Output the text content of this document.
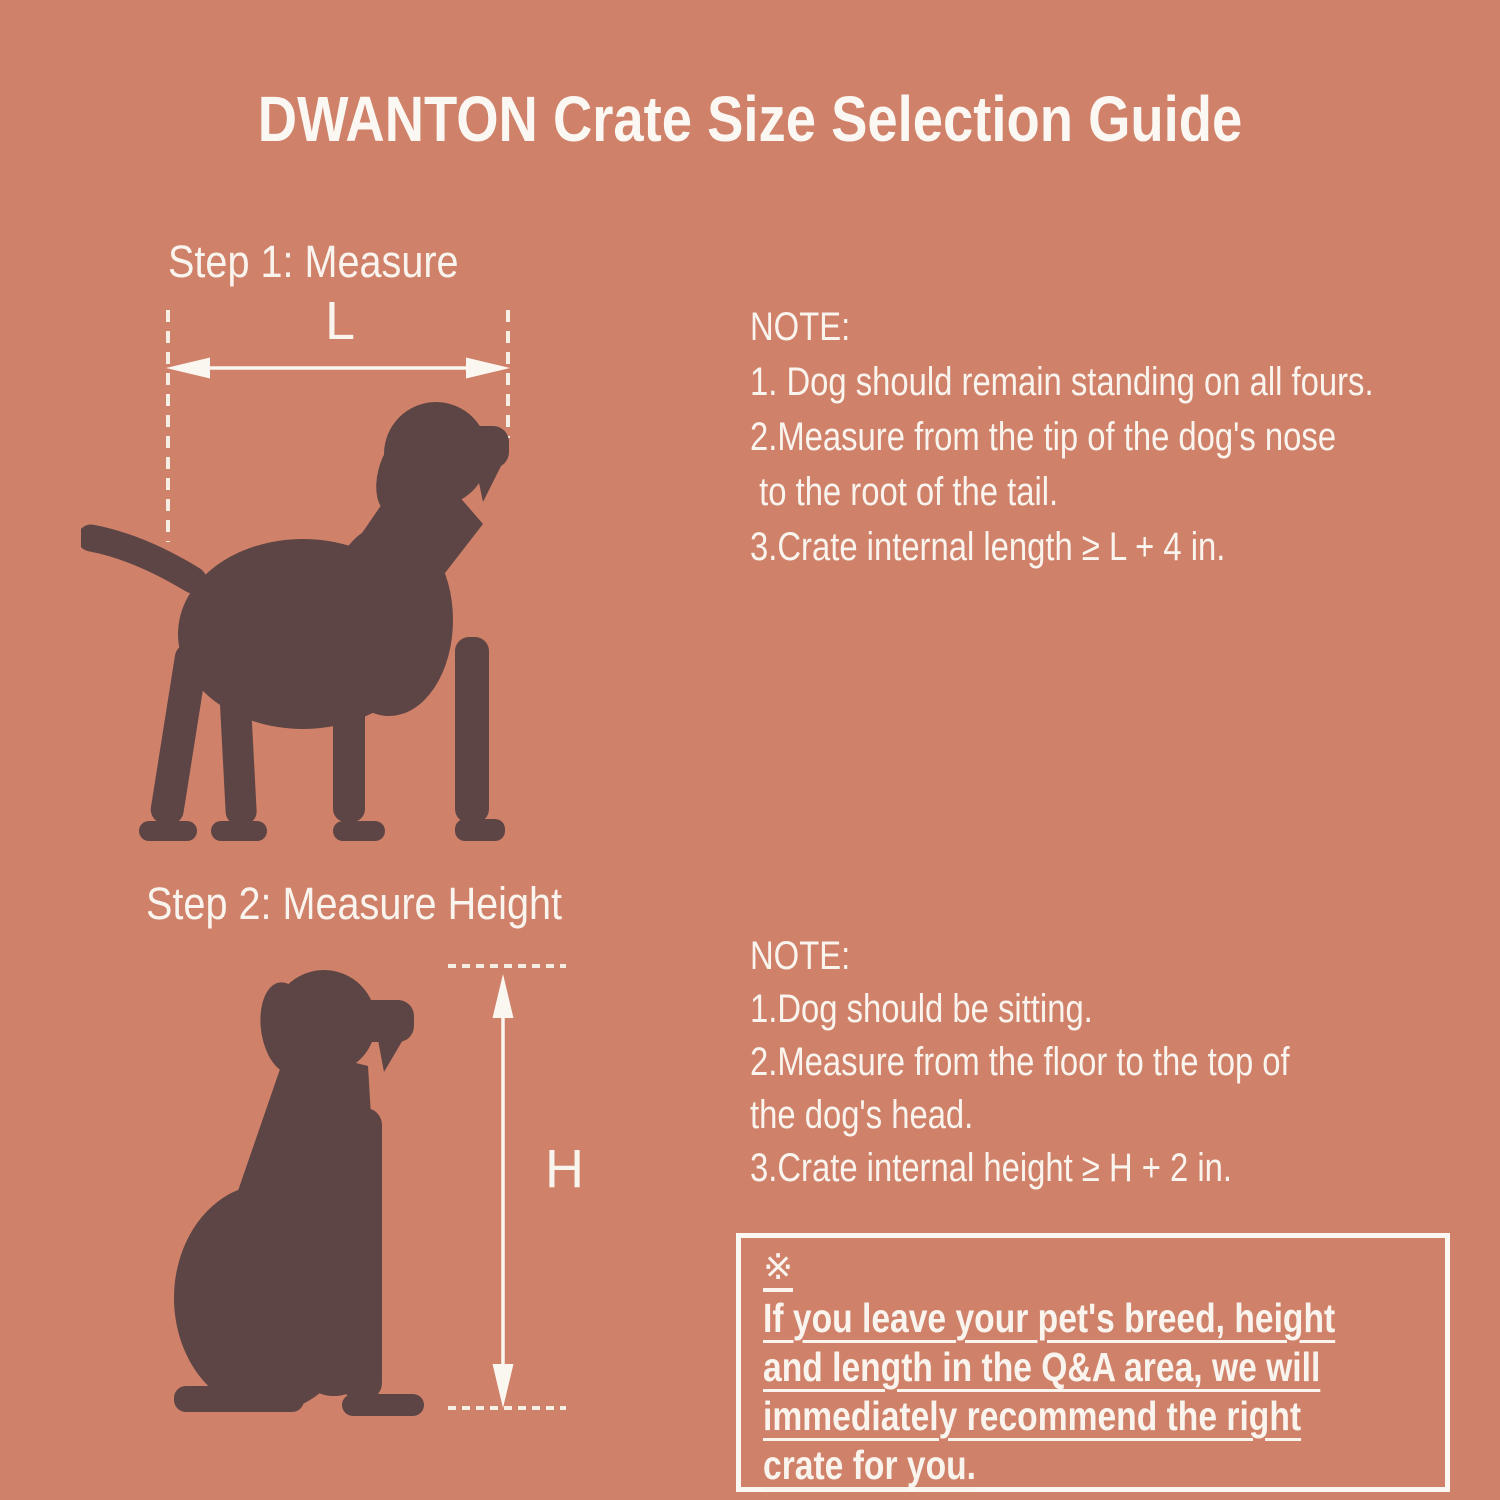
DWANTON Crate Size Selection Guide
Step 1: Measure
L	NOTE:
1. Dog should remain standing on all fours.
2.Measure from the tip of the dog's nose
to the root of the tail.
3.Crate internal length ≥ L + 4 in.
Step 2: Measure Height
H
NOTE:
1.Dog should be sitting.
2.Measure from the floor to the top of
the dog's head.
3.Crate internal height ≥ H + 2 in.
※
If you leave your pet's breed, height
and length in the Q&A area, we will
immediately recommend the right
crate for you.
